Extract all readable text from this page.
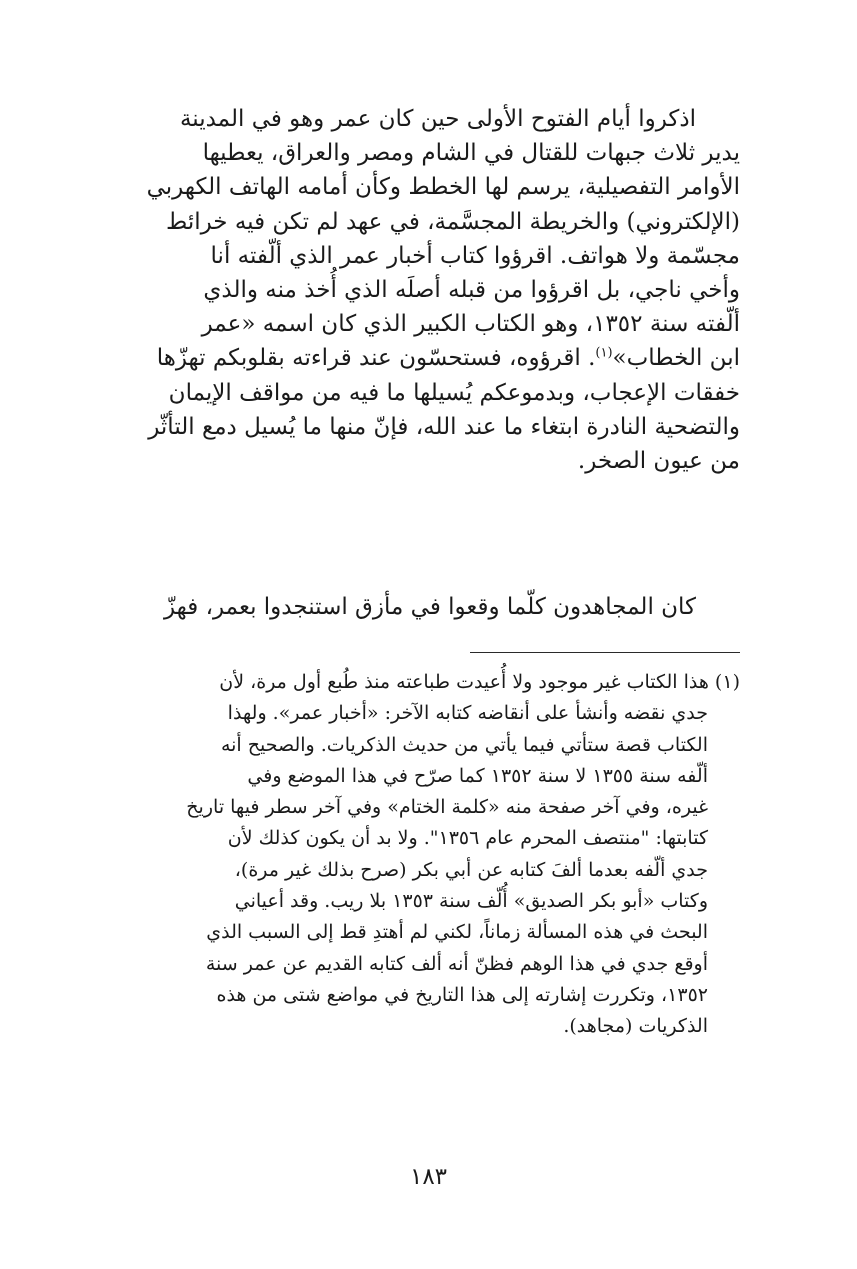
اذكروا أيام الفتوح الأولى حين كان عمر وهو في المدينة
يدير ثلاث جبهات للقتال في الشام ومصر والعراق، يعطيها
الأوامر التفصيلية، يرسم لها الخطط وكأن أمامه الهاتف الكهربي
(الإلكتروني) والخريطة المجسَّمة، في عهد لم تكن فيه خرائط
مجسّمة ولا هواتف. اقرؤوا كتاب أخبار عمر الذي ألّفته أنا
وأخي ناجي، بل اقرؤوا من قبله أصلَه الذي أُخذ منه والذي
ألّفته سنة ١٣٥٢، وهو الكتاب الكبير الذي كان اسمه «عمر
ابن الخطاب»$^{(١)}$. اقرؤوه، فستحسّون عند قراءته بقلوبكم تهزّها
خفقات الإعجاب، وبدموعكم يُسيلها ما فيه من مواقف الإيمان
والتضحية النادرة ابتغاء ما عند الله، فإنّ منها ما يُسيل دمع التأثّر
من عيون الصخر.
كان المجاهدون كلّما وقعوا في مأزق استنجدوا بعمر، فهزّ
(١) هذا الكتاب غير موجود ولا أُعيدت طباعته منذ طُبع أول مرة، لأن
جدي نقضه وأنشأ على أنقاضه كتابه الآخر: «أخبار عمر». ولهذا
الكتاب قصة ستأتي فيما يأتي من حديث الذكريات. والصحيح أنه
ألّفه سنة ١٣٥٥ لا سنة ١٣٥٢ كما صرّح في هذا الموضع وفي
غيره، وفي آخر صفحة منه «كلمة الختام» وفي آخر سطر فيها تاريخ
كتابتها: "منتصف المحرم عام ١٣٥٦". ولا بد أن يكون كذلك لأن
جدي ألّفه بعدما ألفَ كتابه عن أبي بكر (صرح بذلك غير مرة)،
وكتاب «أبو بكر الصديق» أُلّف سنة ١٣٥٣ بلا ريب. وقد أعياني
البحث في هذه المسألة زماناً، لكني لم أهتدِ قط إلى السبب الذي
أوقع جدي في هذا الوهم فظنّ أنه ألف كتابه القديم عن عمر سنة
١٣٥٢، وتكررت إشارته إلى هذا التاريخ في مواضع شتى من هذه
الذكريات (مجاهد).
١٨٣
